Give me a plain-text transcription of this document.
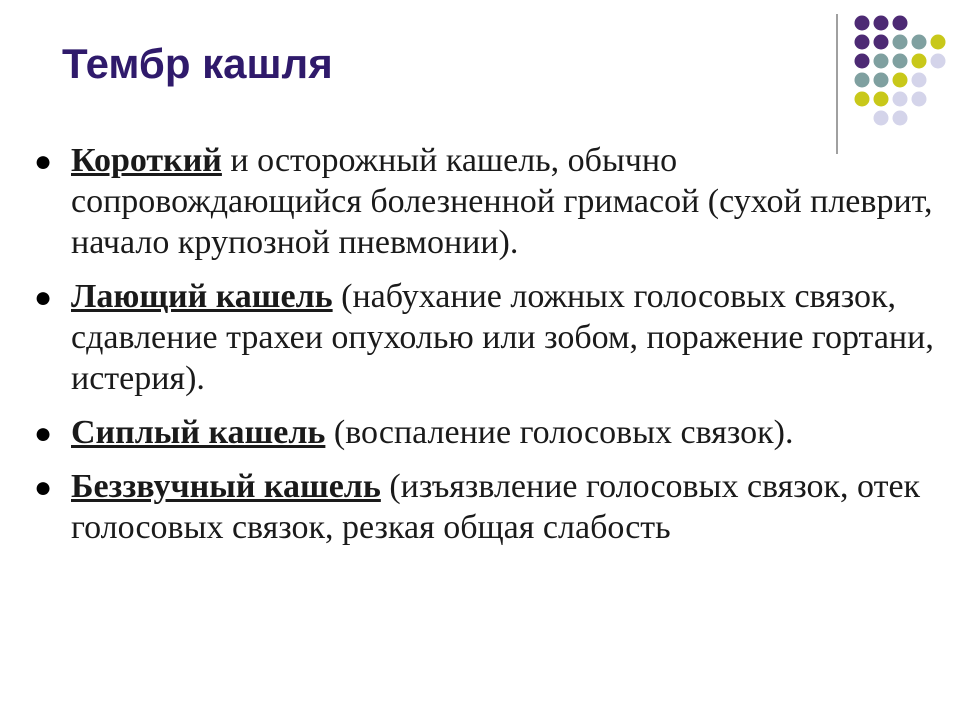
Тембр кашля
● Короткий и осторожный кашель, обычно сопровождающийся болезненной гримасой (сухой плеврит, начало крупозной пневмонии).
● Лающий кашель (набухание ложных голосовых связок, сдавление трахеи опухолью или зобом, поражение гортани, истерия).
● Сиплый кашель (воспаление голосовых связок).
● Беззвучный кашель (изъязвление голосовых связок, отек голосовых связок, резкая общая слабость
